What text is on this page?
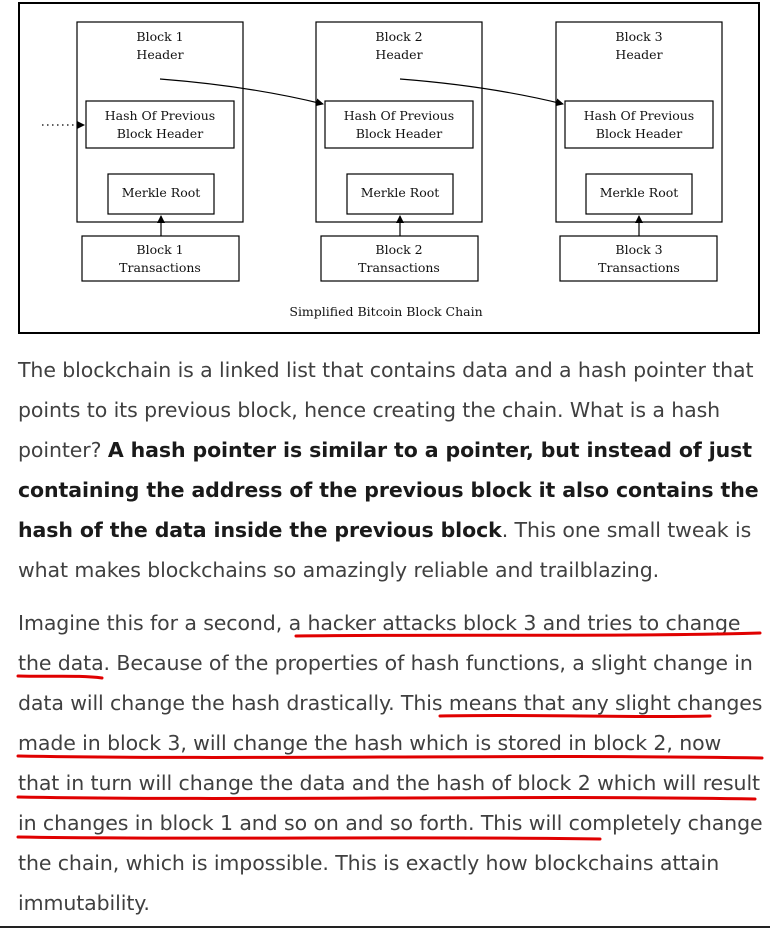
Block 1
Header
Hash Of Previous
Block Header
Merkle Root
Block 1
Transactions
Block 2
Header
Hash Of Previous
Block Header
Merkle Root
Block 2
Transactions
Block 3
Header
Hash Of Previous
Block Header
Merkle Root
Block 3
Transactions
Simplified Bitcoin Block Chain

The blockchain is a linked list that contains data and a hash pointer that points to its previous block, hence creating the chain. What is a hash pointer? A hash pointer is similar to a pointer, but instead of just containing the address of the previous block it also contains the hash of the data inside the previous block. This one small tweak is what makes blockchains so amazingly reliable and trailblazing.

Imagine this for a second, a hacker attacks block 3 and tries to change the data. Because of the properties of hash functions, a slight change in data will change the hash drastically. This means that any slight changes made in block 3, will change the hash which is stored in block 2, now that in turn will change the data and the hash of block 2 which will result in changes in block 1 and so on and so forth. This will completely change the chain, which is impossible. This is exactly how blockchains attain immutability.
